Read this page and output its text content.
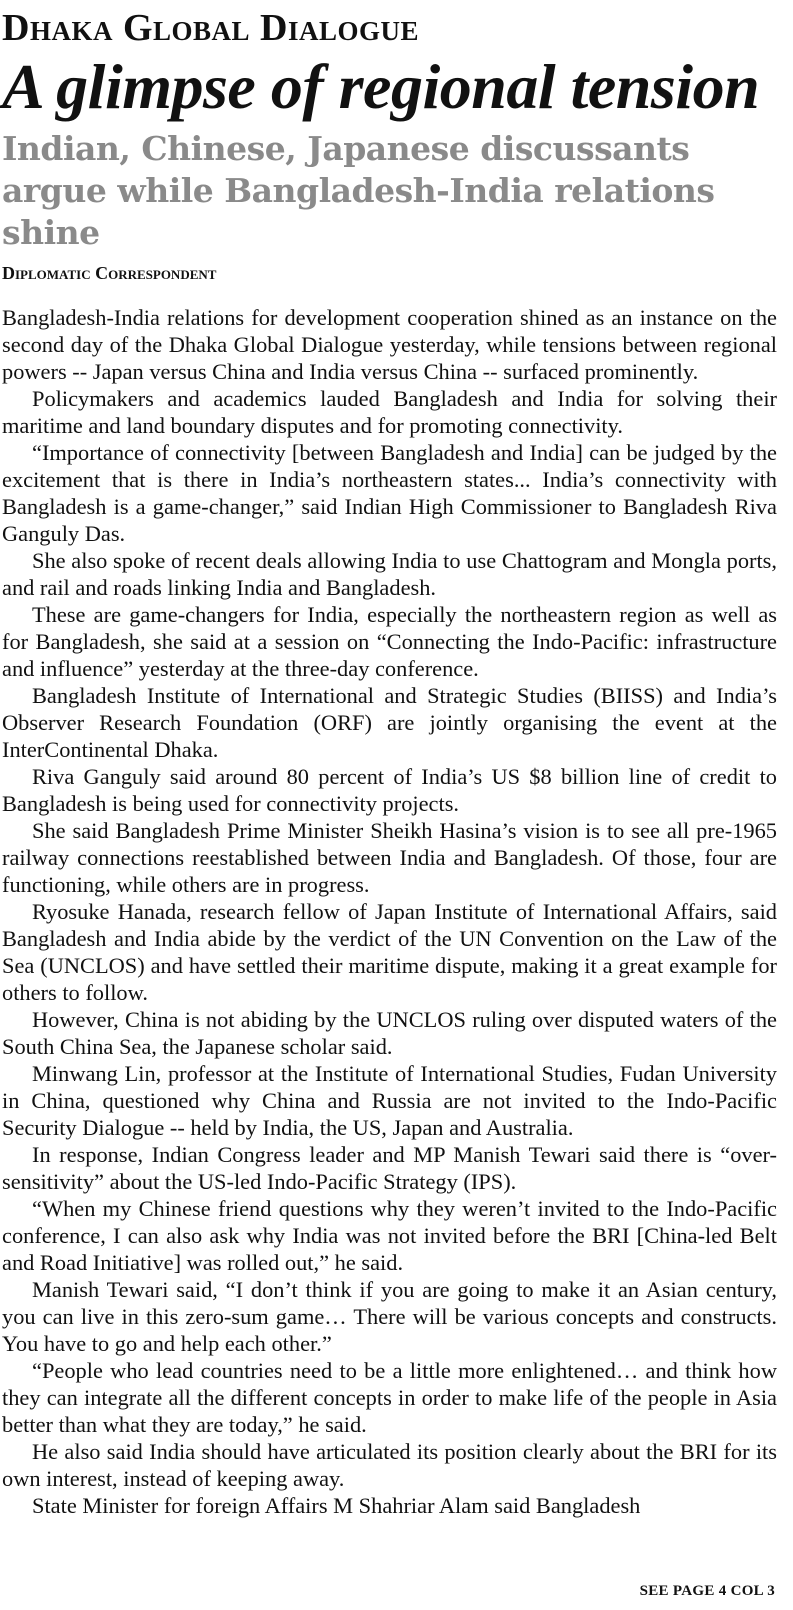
Dhaka Global Dialogue
A glimpse of regional tension
Indian, Chinese, Japanese discussants argue while Bangladesh-India relations shine
Diplomatic Correspondent

Bangladesh-India relations for development cooperation shined as an instance on the second day of the Dhaka Global Dialogue yesterday, while tensions between regional powers -- Japan versus China and India versus China -- surfaced prominently.

Policymakers and academics lauded Bangladesh and India for solving their maritime and land boundary disputes and for promoting connectivity.

“Importance of connectivity [between Bangladesh and India] can be judged by the excitement that is there in India’s northeastern states... India’s connectivity with Bangladesh is a game-changer,” said Indian High Commissioner to Bangladesh Riva Ganguly Das.

She also spoke of recent deals allowing India to use Chattogram and Mongla ports, and rail and roads linking India and Bangladesh.

These are game-changers for India, especially the northeastern region as well as for Bangladesh, she said at a session on “Connecting the Indo-Pacific: infrastructure and influence” yesterday at the three-day conference.

Bangladesh Institute of International and Strategic Studies (BIISS) and India’s Observer Research Foundation (ORF) are jointly organising the event at the InterContinental Dhaka.

Riva Ganguly said around 80 percent of India’s US $8 billion line of credit to Bangladesh is being used for connectivity projects.

She said Bangladesh Prime Minister Sheikh Hasina’s vision is to see all pre-1965 railway connections reestablished between India and Bangladesh. Of those, four are functioning, while others are in progress.

Ryosuke Hanada, research fellow of Japan Institute of International Affairs, said Bangladesh and India abide by the verdict of the UN Convention on the Law of the Sea (UNCLOS) and have settled their maritime dispute, making it a great example for others to follow.

However, China is not abiding by the UNCLOS ruling over disputed waters of the South China Sea, the Japanese scholar said.

Minwang Lin, professor at the Institute of International Studies, Fudan University in China, questioned why China and Russia are not invited to the Indo-Pacific Security Dialogue -- held by India, the US, Japan and Australia.

In response, Indian Congress leader and MP Manish Tewari said there is “over-sensitivity” about the US-led Indo-Pacific Strategy (IPS).

“When my Chinese friend questions why they weren’t invited to the Indo-Pacific conference, I can also ask why India was not invited before the BRI [China-led Belt and Road Initiative] was rolled out,” he said.

Manish Tewari said, “I don’t think if you are going to make it an Asian century, you can live in this zero-sum game… There will be various concepts and constructs. You have to go and help each other.”

“People who lead countries need to be a little more enlightened… and think how they can integrate all the different concepts in order to make life of the people in Asia better than what they are today,” he said.

He also said India should have articulated its position clearly about the BRI for its own interest, instead of keeping away.

State Minister for foreign Affairs M Shahriar Alam said Bangladesh

SEE PAGE 4 COL 3
